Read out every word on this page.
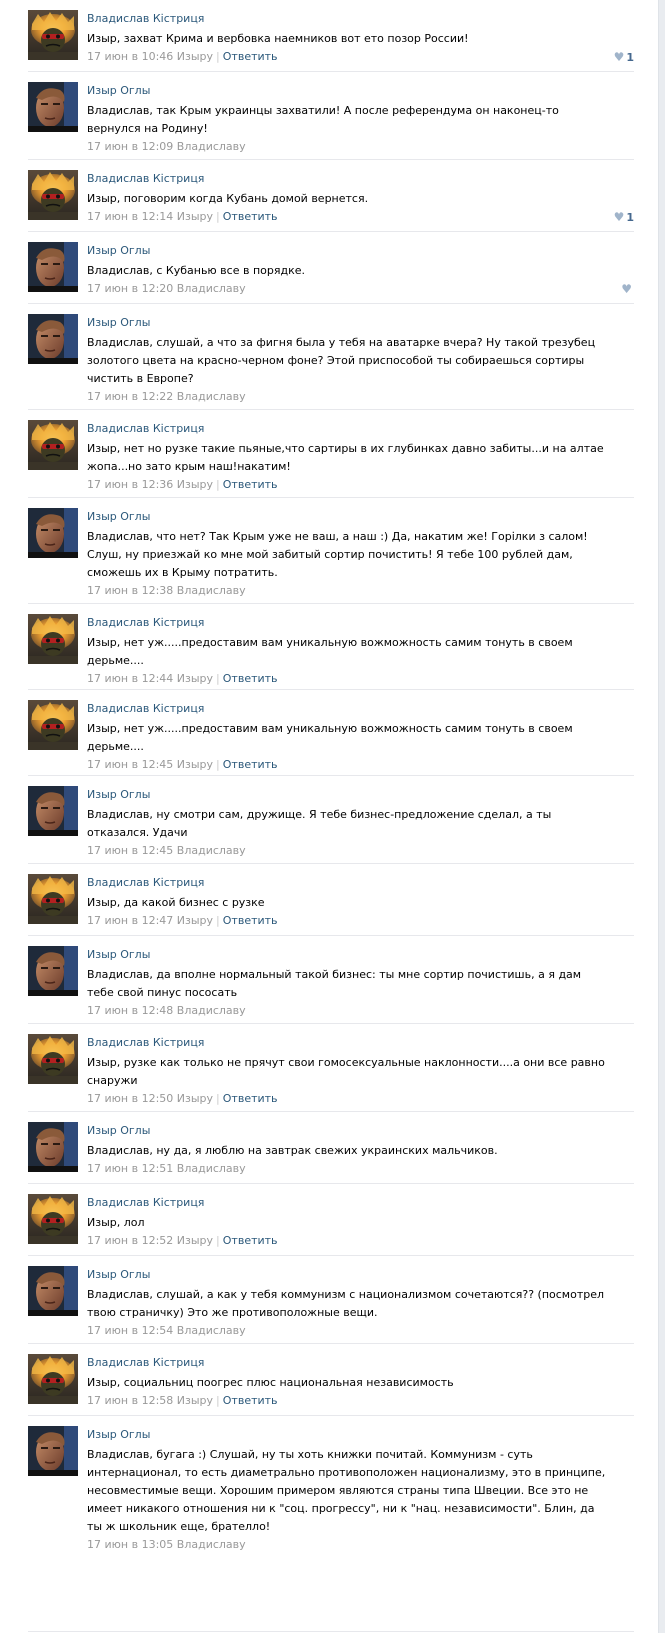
Владислав Кістриця
Изыр, захват Крима и вербовка наемников вот ето позор России!
17 июн в 10:46 Изыру | Ответить	♥ 1
Изыр Оглы
Владислав, так Крым украинцы захватили! А после референдума он наконец-то вернулся на Родину!
17 июн в 12:09 Владиславу
Владислав Кістриця
Изыр, поговорим когда Кубань домой вернется.
17 июн в 12:14 Изыру | Ответить	♥ 1
Изыр Оглы
Владислав, с Кубанью все в порядке.
17 июн в 12:20 Владиславу	♥
Изыр Оглы
Владислав, слушай, а что за фигня была у тебя на аватарке вчера? Ну такой трезубец золотого цвета на красно-черном фоне? Этой приспособой ты собираешься сортиры чистить в Европе?
17 июн в 12:22 Владиславу
Владислав Кістриця
Изыр, нет но рузке такие пьяные,что сартиры в их глубинках давно забиты...и на алтае жопа...но зато крым наш!накатим!
17 июн в 12:36 Изыру | Ответить
Изыр Оглы
Владислав, что нет? Так Крым уже не ваш, а наш :) Да, накатим же! Горілки з салом! Слуш, ну приезжай ко мне мой забитый сортир почистить! Я тебе 100 рублей дам, сможешь их в Крыму потратить.
17 июн в 12:38 Владиславу
Владислав Кістриця
Изыр, нет уж.....предоставим вам уникальную вожможность самим тонуть в своем дерьме....
17 июн в 12:44 Изыру | Ответить
Владислав Кістриця
Изыр, нет уж.....предоставим вам уникальную вожможность самим тонуть в своем дерьме....
17 июн в 12:45 Изыру | Ответить
Изыр Оглы
Владислав, ну смотри сам, дружище. Я тебе бизнес-предложение сделал, а ты отказался. Удачи
17 июн в 12:45 Владиславу
Владислав Кістриця
Изыр, да какой бизнес с рузке
17 июн в 12:47 Изыру | Ответить
Изыр Оглы
Владислав, да вполне нормальный такой бизнес: ты мне сортир почистишь, а я дам тебе свой пинус пососать
17 июн в 12:48 Владиславу
Владислав Кістриця
Изыр, рузке как только не прячут свои гомосексуальные наклонности....а они все равно снаружи
17 июн в 12:50 Изыру | Ответить
Изыр Оглы
Владислав, ну да, я люблю на завтрак свежих украинских мальчиков.
17 июн в 12:51 Владиславу
Владислав Кістриця
Изыр, лол
17 июн в 12:52 Изыру | Ответить
Изыр Оглы
Владислав, слушай, а как у тебя коммунизм с национализмом сочетаются?? (посмотрел твою страничку) Это же противоположные вещи.
17 июн в 12:54 Владиславу
Владислав Кістриця
Изыр, социальниц поогрес плюс национальная независимость
17 июн в 12:58 Изыру | Ответить
Изыр Оглы
Владислав, бугага :) Слушай, ну ты хоть книжки почитай. Коммунизм - суть интернационал, то есть диаметрально противоположен национализму, это в принципе, несовместимые вещи. Хорошим примером являются страны типа Швеции. Все это не имеет никакого отношения ни к "соц. прогрессу", ни к "нац. независимости". Блин, да ты ж школьник еще, брателло!
17 июн в 13:05 Владиславу
